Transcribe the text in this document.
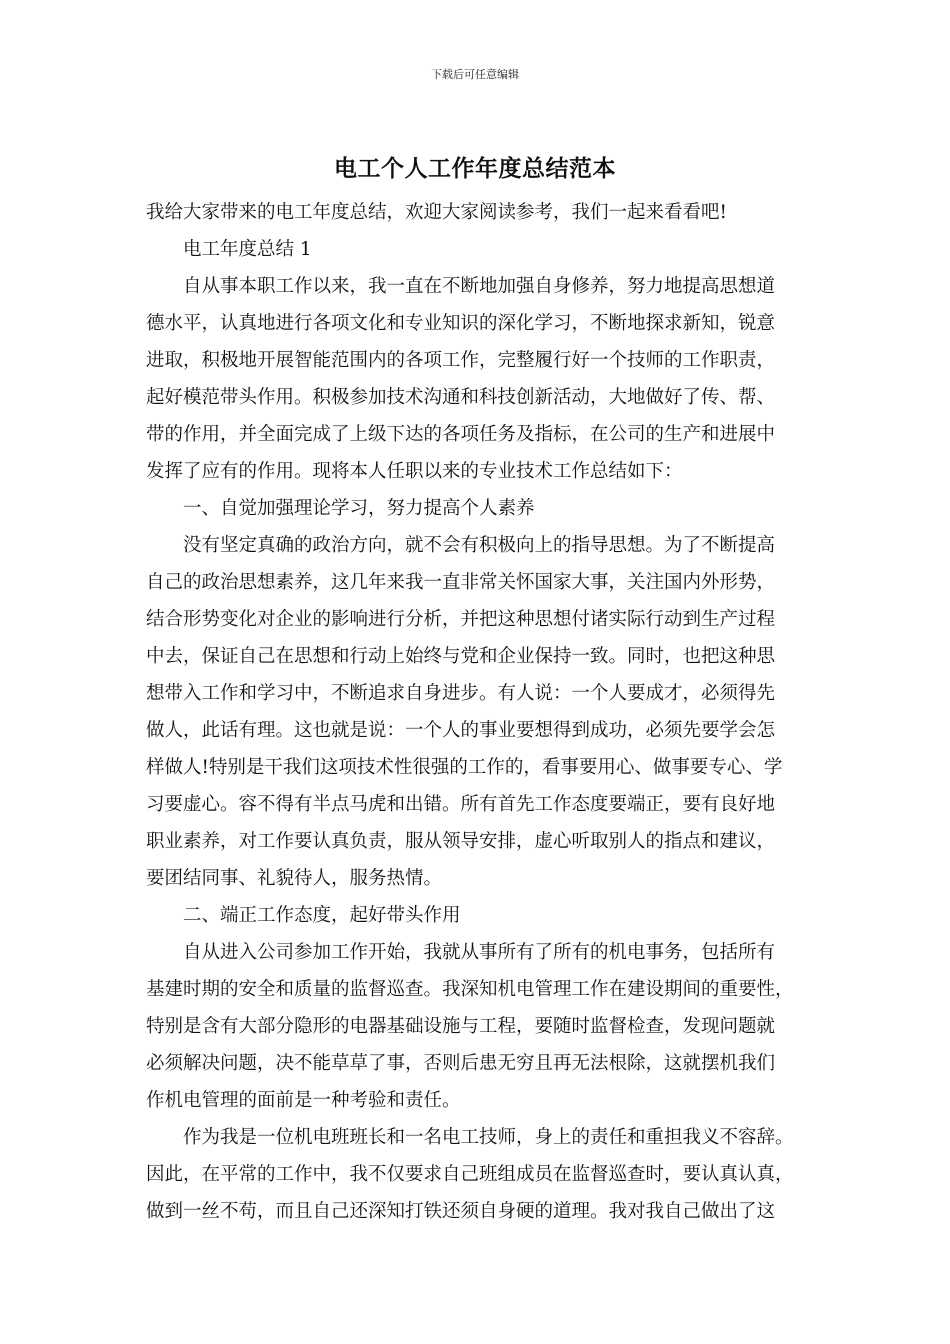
下载后可任意编辑
电工个人工作年度总结范本
我给大家带来的电工年度总结，欢迎大家阅读参考，我们一起来看看吧!
电工年度总结 1
自从事本职工作以来，我一直在不断地加强自身修养，努力地提高思想道
德水平，认真地进行各项文化和专业知识的深化学习，不断地探求新知，锐意
进取，积极地开展智能范围内的各项工作，完整履行好一个技师的工作职责，
起好模范带头作用。积极参加技术沟通和科技创新活动，大地做好了传、帮、
带的作用，并全面完成了上级下达的各项任务及指标，在公司的生产和进展中
发挥了应有的作用。现将本人任职以来的专业技术工作总结如下：
一、自觉加强理论学习，努力提高个人素养
没有坚定真确的政治方向，就不会有积极向上的指导思想。为了不断提高
自己的政治思想素养，这几年来我一直非常关怀国家大事，关注国内外形势，
结合形势变化对企业的影响进行分析，并把这种思想付诸实际行动到生产过程
中去，保证自己在思想和行动上始终与党和企业保持一致。同时，也把这种思
想带入工作和学习中，不断追求自身进步。有人说：一个人要成才，必须得先
做人，此话有理。这也就是说：一个人的事业要想得到成功，必须先要学会怎
样做人!特别是干我们这项技术性很强的工作的，看事要用心、做事要专心、学
习要虚心。容不得有半点马虎和出错。所有首先工作态度要端正，要有良好地
职业素养，对工作要认真负责，服从领导安排，虚心听取别人的指点和建议，
要团结同事、礼貌待人，服务热情。
二、端正工作态度，起好带头作用
自从进入公司参加工作开始，我就从事所有了所有的机电事务，包括所有
基建时期的安全和质量的监督巡查。我深知机电管理工作在建设期间的重要性，
特别是含有大部分隐形的电器基础设施与工程，要随时监督检查，发现问题就
必须解决问题，决不能草草了事，否则后患无穷且再无法根除，这就摆机我们
作机电管理的面前是一种考验和责任。
作为我是一位机电班班长和一名电工技师，身上的责任和重担我义不容辞。
因此，在平常的工作中，我不仅要求自己班组成员在监督巡查时，要认真认真，
做到一丝不苟，而且自己还深知打铁还须自身硬的道理。我对我自己做出了这
